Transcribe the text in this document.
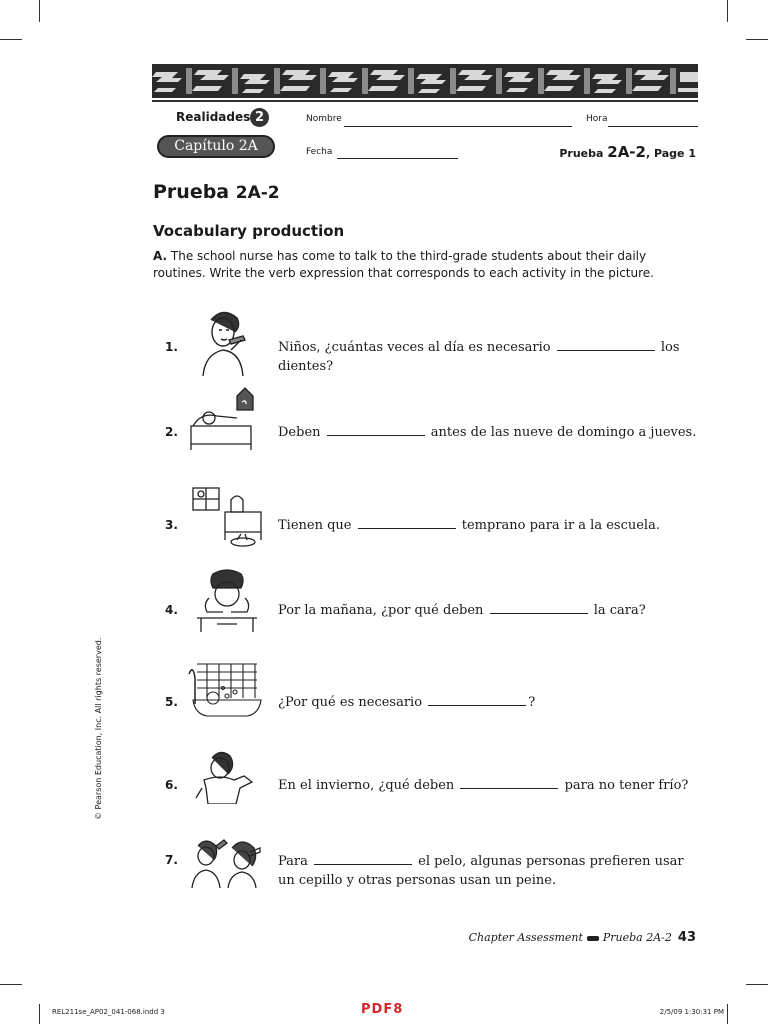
Realidades 2
Capítulo 2A
Nombre	Hora
Fecha	Prueba 2A-2, Page 1
Prueba 2A-2
Vocabulary production
A. The school nurse has come to talk to the third-grade students about their daily routines. Write the verb expression that corresponds to each activity in the picture.
1.	Niños, ¿cuántas veces al día es necesario	los dientes?
2.	Deben	antes de las nueve de domingo a jueves.
3.	Tienen que	temprano para ir a la escuela.
4.	Por la mañana, ¿por qué deben	la cara?
5.	¿Por qué es necesario	?
6.	En el invierno, ¿qué deben	para no tener frío?
7.	Para	el pelo, algunas personas prefieren usar un cepillo y otras personas usan un peine.
© Pearson Education, Inc. All rights reserved.
Chapter Assessment Prueba 2A-2 43
REL211se_AP02_041-068.indd 3	2/5/09 1:30:31 PM
PDF8
